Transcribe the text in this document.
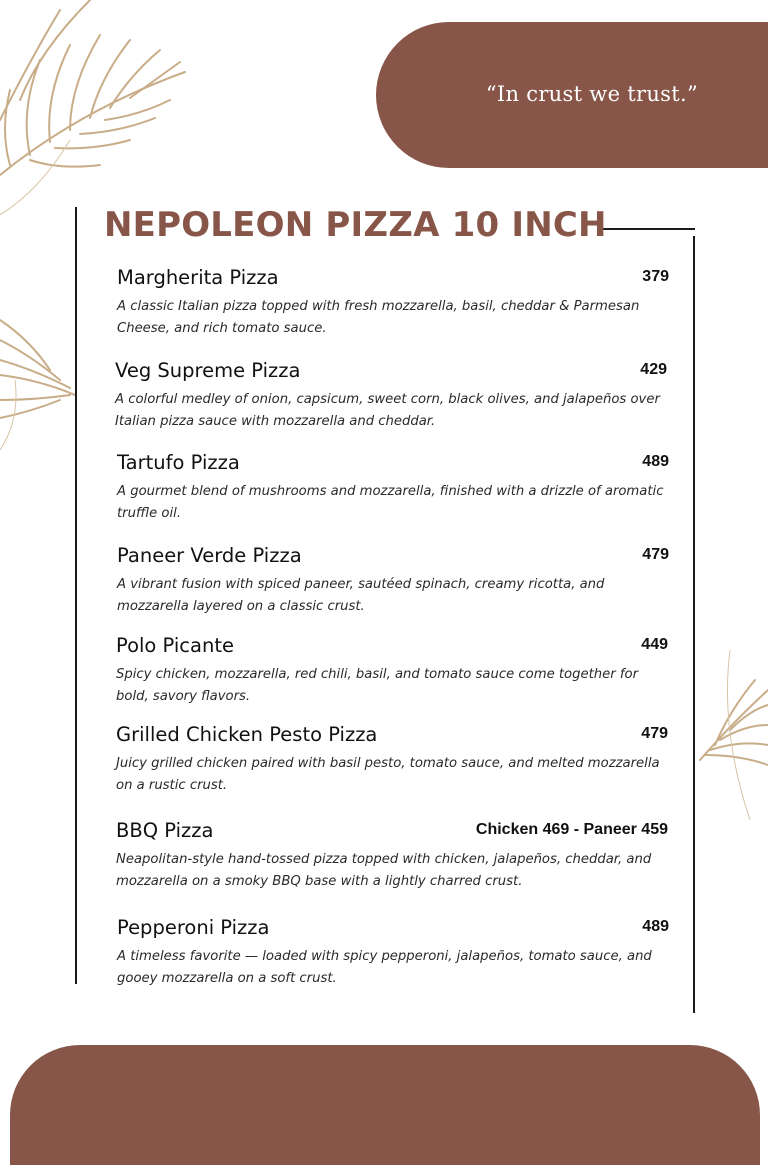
“In crust we trust.”
NEPOLEON PIZZA 10 INCH
Margherita Pizza	379

A classic Italian pizza topped with fresh mozzarella, basil, cheddar & Parmesan Cheese, and rich tomato sauce.

Veg Supreme Pizza	429

A colorful medley of onion, capsicum, sweet corn, black olives, and jalapeños over Italian pizza sauce with mozzarella and cheddar.

Tartufo Pizza	489

A gourmet blend of mushrooms and mozzarella, finished with a drizzle of aromatic truffle oil.

Paneer Verde Pizza	479

A vibrant fusion with spiced paneer, sautéed spinach, creamy ricotta, and mozzarella layered on a classic crust.

Polo Picante	449

Spicy chicken, mozzarella, red chili, basil, and tomato sauce come together for bold, savory flavors.

Grilled Chicken Pesto Pizza	479

Juicy grilled chicken paired with basil pesto, tomato sauce, and melted mozzarella on a rustic crust.

BBQ Pizza	Chicken 469 - Paneer 459

Neapolitan-style hand-tossed pizza topped with chicken, jalapeños, cheddar, and mozzarella on a smoky BBQ base with a lightly charred crust.

Pepperoni Pizza	489

A timeless favorite — loaded with spicy pepperoni, jalapeños, tomato sauce, and gooey mozzarella on a soft crust.
